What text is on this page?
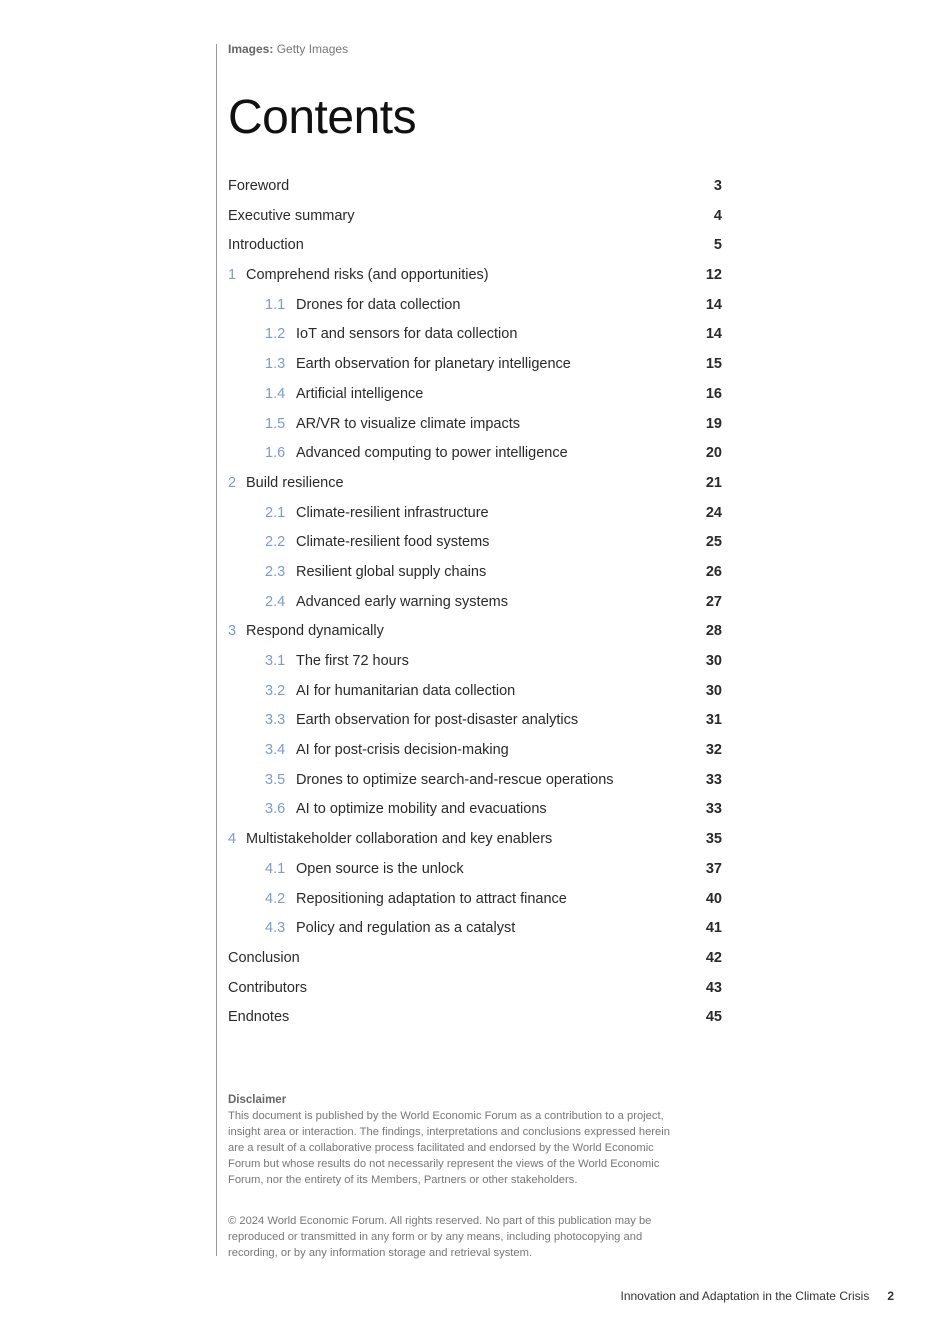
Images: Getty Images
Contents
Foreword	3
Executive summary	4
Introduction	5
1 Comprehend risks (and opportunities)	12
1.1 Drones for data collection	14
1.2 IoT and sensors for data collection	14
1.3 Earth observation for planetary intelligence	15
1.4 Artificial intelligence	16
1.5 AR/VR to visualize climate impacts	19
1.6 Advanced computing to power intelligence	20
2 Build resilience	21
2.1 Climate-resilient infrastructure	24
2.2 Climate-resilient food systems	25
2.3 Resilient global supply chains	26
2.4 Advanced early warning systems	27
3 Respond dynamically	28
3.1 The first 72 hours	30
3.2 AI for humanitarian data collection	30
3.3 Earth observation for post-disaster analytics	31
3.4 AI for post-crisis decision-making	32
3.5 Drones to optimize search-and-rescue operations	33
3.6 AI to optimize mobility and evacuations	33
4 Multistakeholder collaboration and key enablers	35
4.1 Open source is the unlock	37
4.2 Repositioning adaptation to attract finance	40
4.3 Policy and regulation as a catalyst	41
Conclusion	42
Contributors	43
Endnotes	45
Disclaimer
This document is published by the World Economic Forum as a contribution to a project, insight area or interaction. The findings, interpretations and conclusions expressed herein are a result of a collaborative process facilitated and endorsed by the World Economic Forum but whose results do not necessarily represent the views of the World Economic Forum, nor the entirety of its Members, Partners or other stakeholders.
© 2024 World Economic Forum. All rights reserved. No part of this publication may be reproduced or transmitted in any form or by any means, including photocopying and recording, or by any information storage and retrieval system.
Innovation and Adaptation in the Climate Crisis 2
